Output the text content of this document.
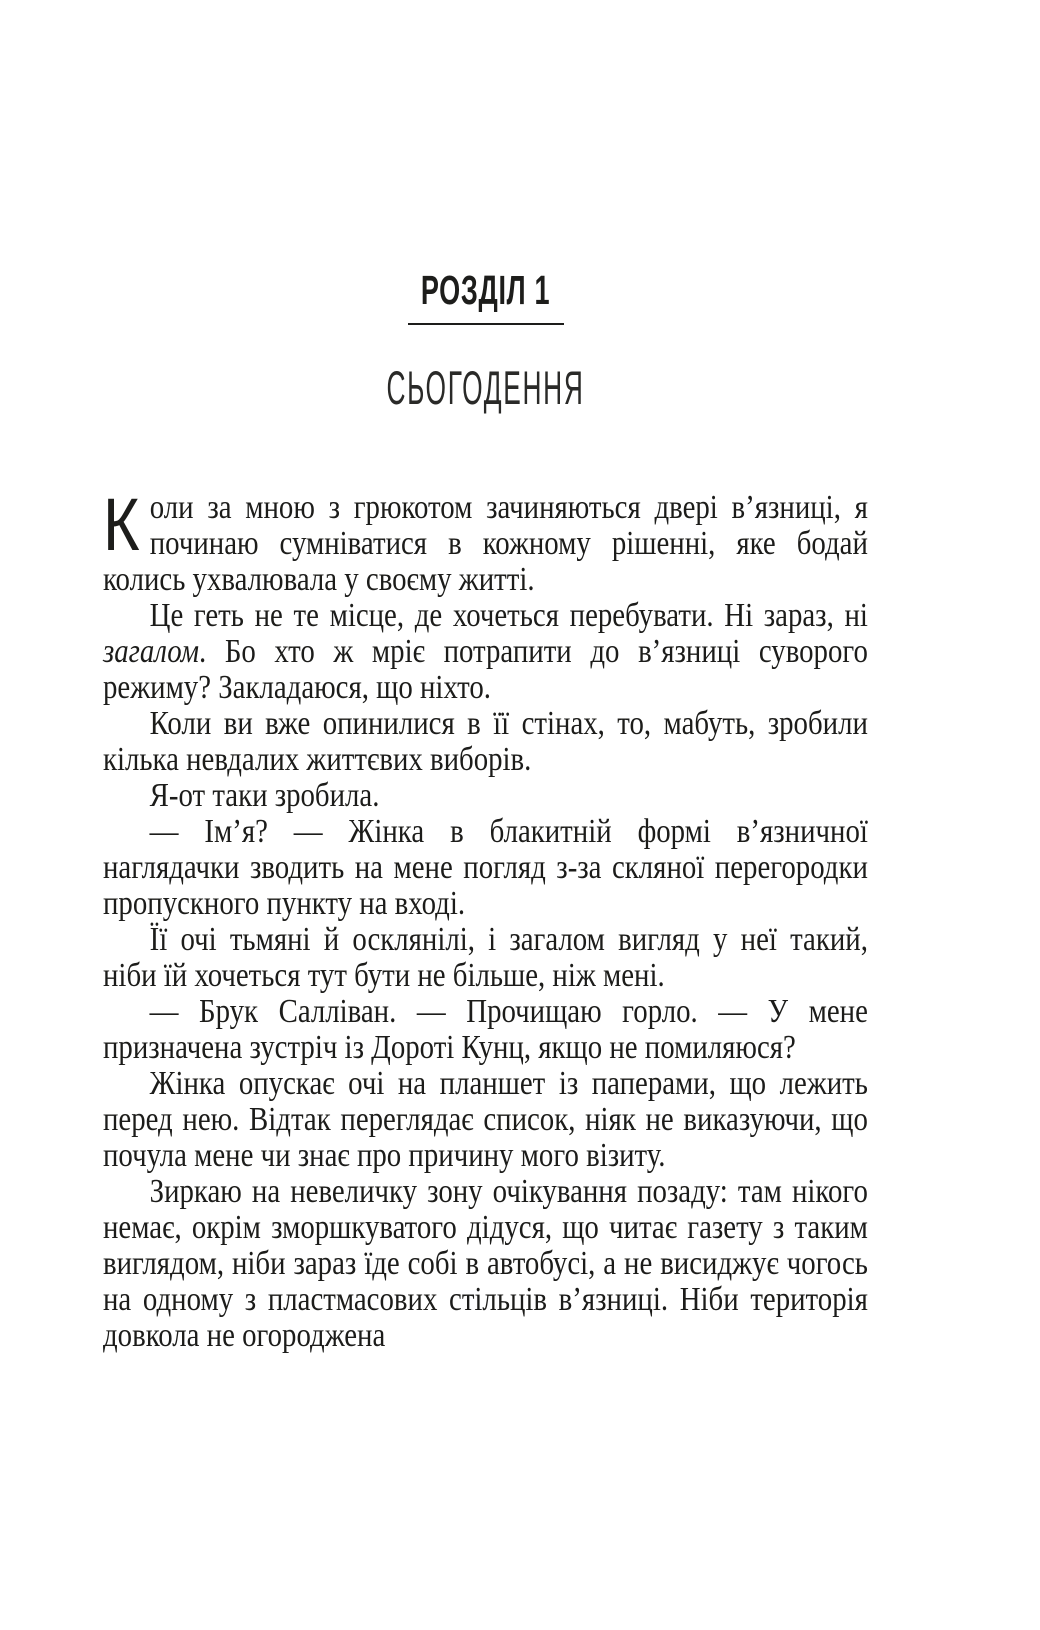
РОЗДІЛ 1
СЬОГОДЕННЯ

Коли за мною з грюкотом зачиняються двері в’язниці, я починаю сумніватися в кожному рішенні, яке бодай колись ухвалювала у своєму житті.

Це геть не те місце, де хочеться перебувати. Ні зараз, ні загалом. Бо хто ж мріє потрапити до в’язниці суворого режиму? Закладаюся, що ніхто.

Коли ви вже опинилися в її стінах, то, мабуть, зробили кілька невдалих життєвих виборів.

Я-от таки зробила.

— Ім’я? — Жінка в блакитній формі в’язничної наглядачки зводить на мене погляд з-за скляної перегородки пропускного пункту на вході.

Її очі тьмяні й осклянілі, і загалом вигляд у неї такий, ніби їй хочеться тут бути не більше, ніж мені.

— Брук Салліван. — Прочищаю горло. — У мене призначена зустріч із Дороті Кунц, якщо не помиляюся?

Жінка опускає очі на планшет із паперами, що лежить перед нею. Відтак переглядає список, ніяк не виказуючи, що почула мене чи знає про причину мого візиту.

Зиркаю на невеличку зону очікування позаду: там нікого немає, окрім зморшкуватого дідуся, що читає газету з таким виглядом, ніби зараз їде собі в автобусі, а не висиджує чогось на одному з пластмасових стільців в’язниці. Ніби територія довкола не огороджена
